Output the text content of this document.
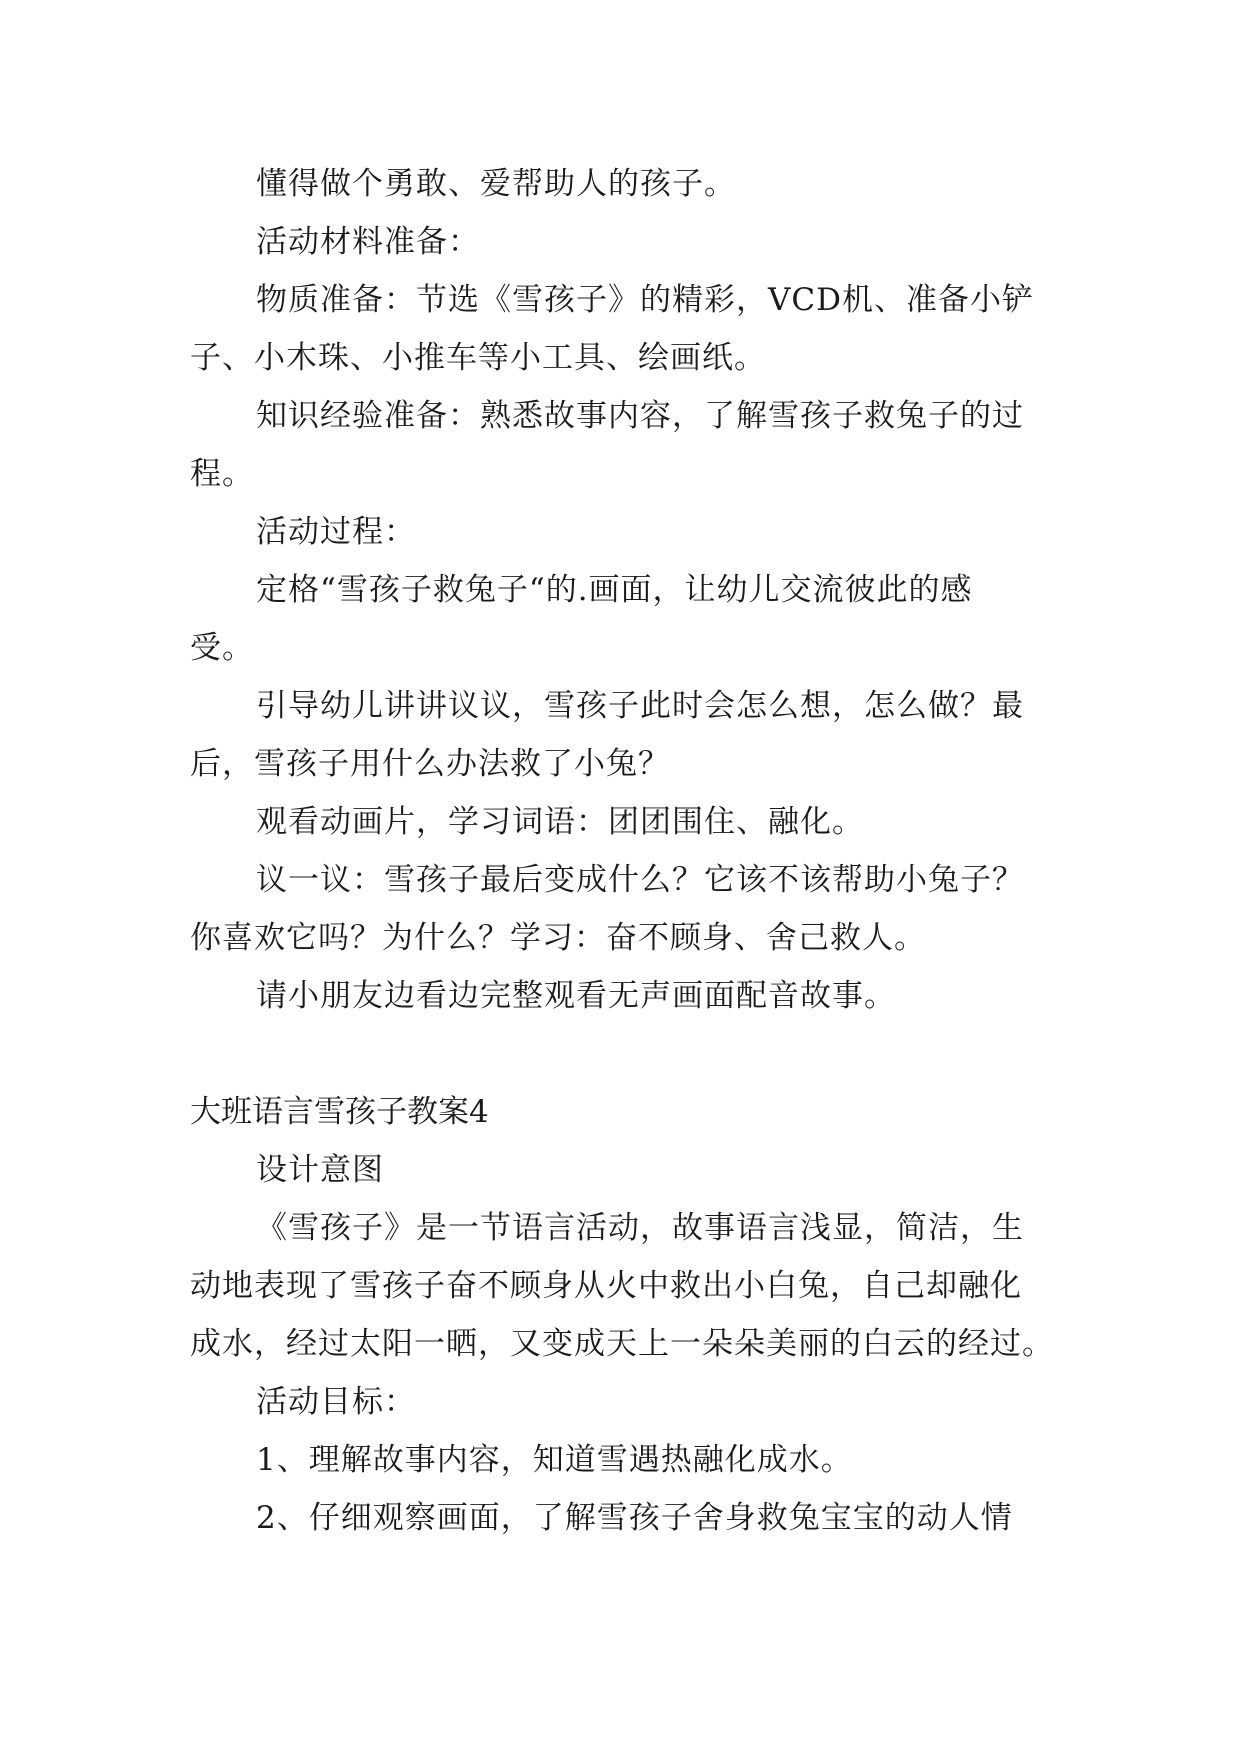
懂得做个勇敢、爱帮助人的孩子。
活动材料准备：
物质准备：节选《雪孩子》的精彩，VCD机、准备小铲
子、小木珠、小推车等小工具、绘画纸。
知识经验准备：熟悉故事内容，了解雪孩子救兔子的过
程。
活动过程：
定格“雪孩子救兔子“的.画面，让幼儿交流彼此的感
受。
引导幼儿讲讲议议，雪孩子此时会怎么想，怎么做？最
后，雪孩子用什么办法救了小兔？
观看动画片，学习词语：团团围住、融化。
议一议：雪孩子最后变成什么？它该不该帮助小兔子？
你喜欢它吗？为什么？学习：奋不顾身、舍己救人。
请小朋友边看边完整观看无声画面配音故事。
大班语言雪孩子教案4
设计意图
《雪孩子》是一节语言活动，故事语言浅显，简洁，生
动地表现了雪孩子奋不顾身从火中救出小白兔，自己却融化
成水，经过太阳一晒，又变成天上一朵朵美丽的白云的经过。
活动目标：
1、理解故事内容，知道雪遇热融化成水。
2、仔细观察画面，了解雪孩子舍身救兔宝宝的动人情
